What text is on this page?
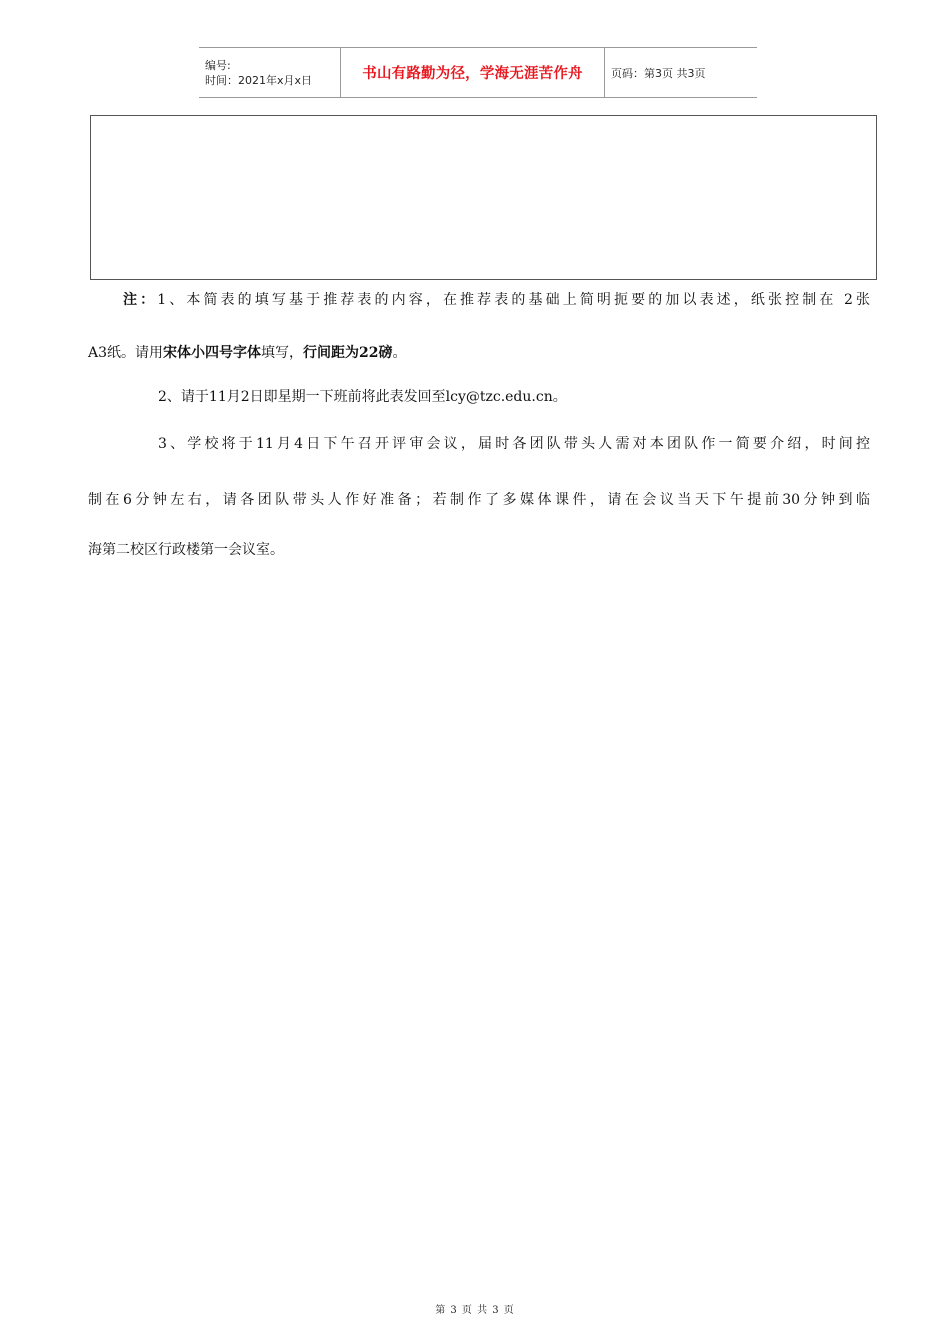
编号:
时间：2021年x月x日	书山有路勤为径，学海无涯苦作舟	页码：第3页 共3页
注：1、本简表的填写基于推荐表的内容，在推荐表的基础上简明扼要的加以表述，纸张控制在 2张
A3纸。请用宋体小四号字体填写，行间距为22磅。
2、请于11月2日即星期一下班前将此表发回至lcy@tzc.edu.cn。
3、学校将于11月4日下午召开评审会议，届时各团队带头人需对本团队作一简要介绍，时间控
制在6分钟左右，请各团队带头人作好准备；若制作了多媒体课件，请在会议当天下午提前30分钟到临
海第二校区行政楼第一会议室。
第 3 页 共 3 页
